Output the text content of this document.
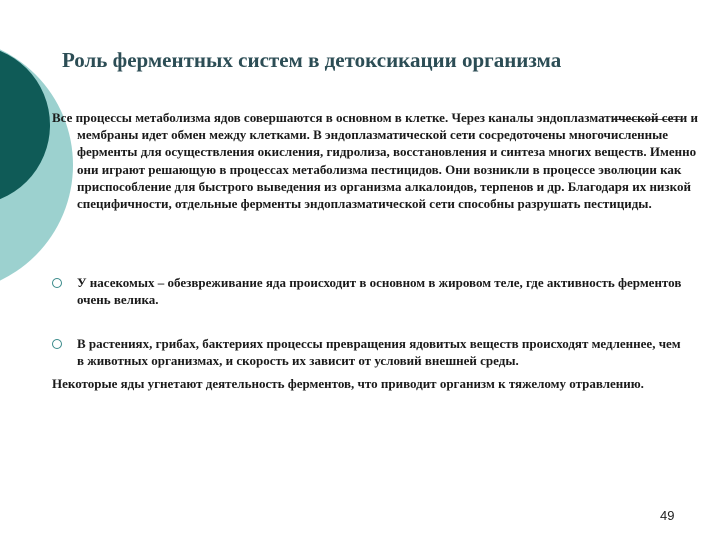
Роль ферментных систем в детоксикации организма

Все процессы метаболизма ядов совершаются в основном в клетке. Через каналы эндоплазматической сети и мембраны идет обмен между клетками. В эндоплазматической сети сосредоточены многочисленные ферменты для осуществления окисления, гидролиза, восстановления и синтеза многих веществ. Именно они играют решающую в процессах метаболизма пестицидов. Они возникли в процессе эволюции как приспособление для быстрого выведения из организма алкалоидов, терпенов и др. Благодаря их низкой специфичности, отдельные ферменты эндоплазматической сети способны разрушать пестициды.

У насекомых – обезвреживание яда происходит в основном в жировом теле, где активность ферментов очень велика.

В растениях, грибах, бактериях процессы превращения ядовитых веществ происходят медленнее, чем в животных организмах, и скорость их зависит от условий внешней среды.

Некоторые яды угнетают деятельность ферментов, что приводит организм к тяжелому отравлению.

49
